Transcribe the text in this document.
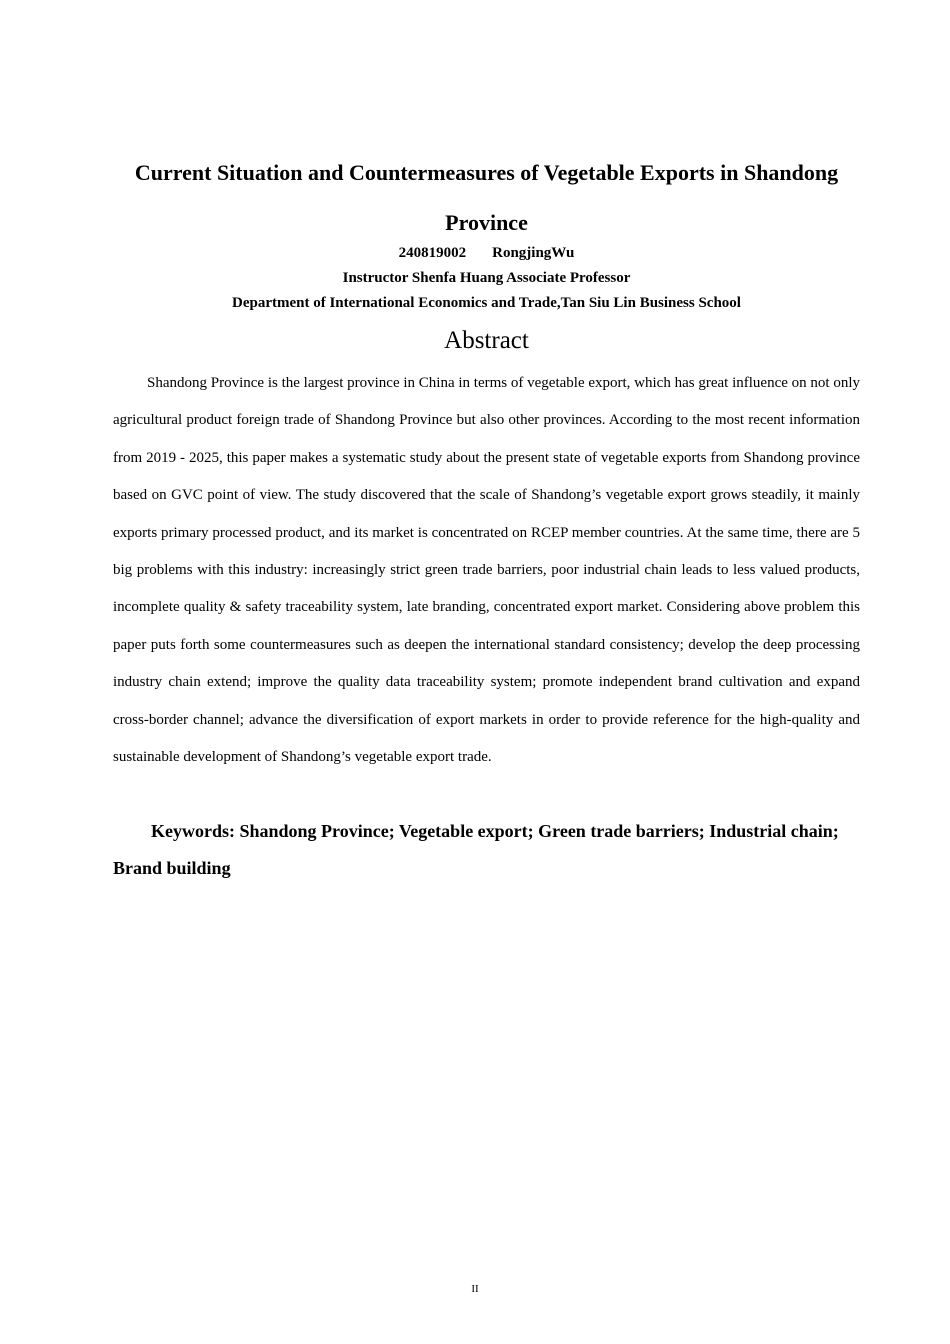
Current Situation and Countermeasures of Vegetable Exports in Shandong Province

240819002 RongjingWu

Instructor Shenfa Huang Associate Professor

Department of International Economics and Trade,Tan Siu Lin Business School

Abstract

Shandong Province is the largest province in China in terms of vegetable export, which has great influence on not only agricultural product foreign trade of Shandong Province but also other provinces. According to the most recent information from 2019 - 2025, this paper makes a systematic study about the present state of vegetable exports from Shandong province based on GVC point of view. The study discovered that the scale of Shandong’s vegetable export grows steadily, it mainly exports primary processed product, and its market is concentrated on RCEP member countries. At the same time, there are 5 big problems with this industry: increasingly strict green trade barriers, poor industrial chain leads to less valued products, incomplete quality & safety traceability system, late branding, concentrated export market. Considering above problem this paper puts forth some countermeasures such as deepen the international standard consistency; develop the deep processing industry chain extend; improve the quality data traceability system; promote independent brand cultivation and expand cross-border channel; advance the diversification of export markets in order to provide reference for the high-quality and sustainable development of Shandong’s vegetable export trade.

Keywords: Shandong Province; Vegetable export; Green trade barriers; Industrial chain; Brand building

II
